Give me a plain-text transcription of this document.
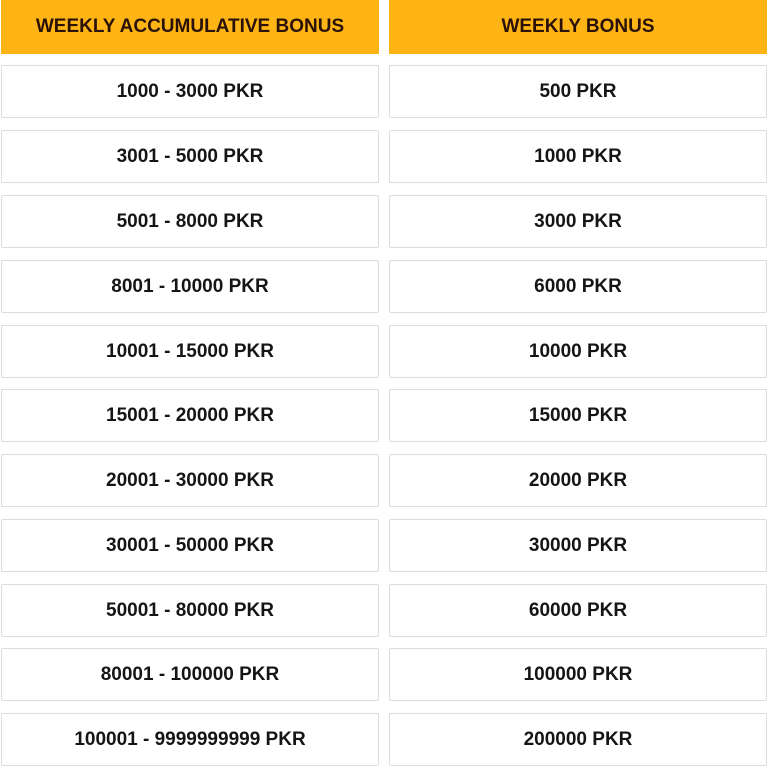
WEEKLY ACCUMULATIVE BONUS	WEEKLY BONUS
1000 - 3000 PKR	500 PKR
3001 - 5000 PKR	1000 PKR
5001 - 8000 PKR	3000 PKR
8001 - 10000 PKR	6000 PKR
10001 - 15000 PKR	10000 PKR
15001 - 20000 PKR	15000 PKR
20001 - 30000 PKR	20000 PKR
30001 - 50000 PKR	30000 PKR
50001 - 80000 PKR	60000 PKR
80001 - 100000 PKR	100000 PKR
100001 - 9999999999 PKR	200000 PKR
